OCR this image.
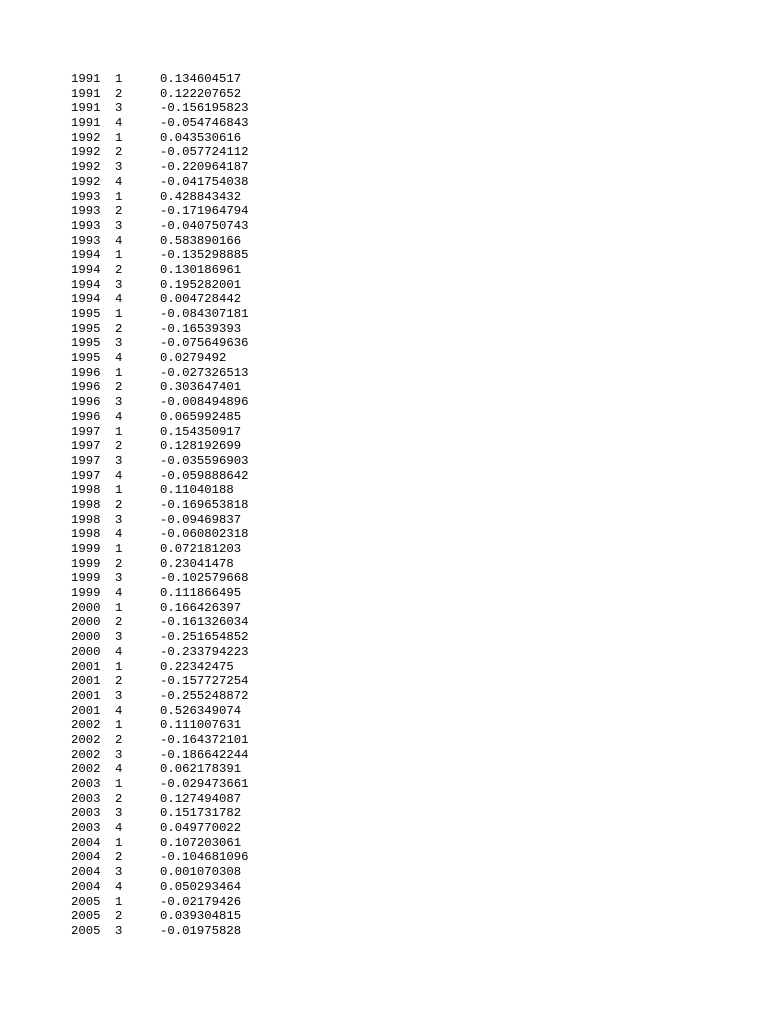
1991 1	0.134604517
1991 2	0.122207652
1991 3	-0.156195823
1991 4	-0.054746843
1992 1	0.043530616
1992 2	-0.057724112
1992 3	-0.220964187
1992 4	-0.041754038
1993 1	0.428843432
1993 2	-0.171964794
1993 3	-0.040750743
1993 4	0.583890166
1994 1	-0.135298885
1994 2	0.130186961
1994 3	0.195282001
1994 4	0.004728442
1995 1	-0.084307181
1995 2	-0.16539393
1995 3	-0.075649636
1995 4	0.0279492
1996 1	-0.027326513
1996 2	0.303647401
1996 3	-0.008494896
1996 4	0.065992485
1997 1	0.154350917
1997 2	0.128192699
1997 3	-0.035596903
1997 4	-0.059888642
1998 1	0.11040188
1998 2	-0.169653818
1998 3	-0.09469837
1998 4	-0.060802318
1999 1	0.072181203
1999 2	0.23041478
1999 3	-0.102579668
1999 4	0.111866495
2000 1	0.166426397
2000 2	-0.161326034
2000 3	-0.251654852
2000 4	-0.233794223
2001 1	0.22342475
2001 2	-0.157727254
2001 3	-0.255248872
2001 4	0.526349074
2002 1	0.111007631
2002 2	-0.164372101
2002 3	-0.186642244
2002 4	0.062178391
2003 1	-0.029473661
2003 2	0.127494087
2003 3	0.151731782
2003 4	0.049770022
2004 1	0.107203061
2004 2	-0.104681096
2004 3	0.001070308
2004 4	0.050293464
2005 1	-0.02179426
2005 2	0.039304815
2005 3	-0.01975828
